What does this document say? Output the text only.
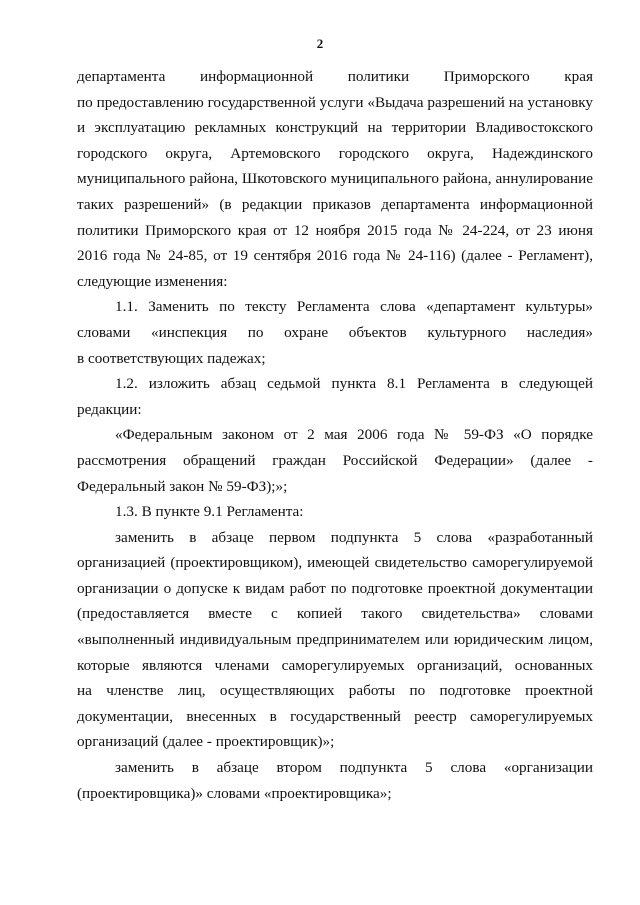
2
департамента информационной политики Приморского края
по предоставлению государственной услуги «Выдача разрешений на установку
и эксплуатацию рекламных конструкций на территории Владивостокского
городского округа, Артемовского городского округа, Надеждинского
муниципального района, Шкотовского муниципального района, аннулирование
таких разрешений» (в редакции приказов департамента информационной
политики Приморского края от 12 ноября 2015 года № 24-224, от 23 июня
2016 года № 24-85, от 19 сентября 2016 года № 24-116) (далее - Регламент),
следующие изменения:
1.1. Заменить по тексту Регламента слова «департамент культуры»
словами «инспекция по охране объектов культурного наследия»
в соответствующих падежах;
1.2. изложить абзац седьмой пункта 8.1 Регламента в следующей
редакции:
«Федеральным законом от 2 мая 2006 года № 59-ФЗ «О порядке
рассмотрения обращений граждан Российской Федерации» (далее -
Федеральный закон № 59-ФЗ);»;
1.3. В пункте 9.1 Регламента:
заменить в абзаце первом подпункта 5 слова «разработанный
организацией (проектировщиком), имеющей свидетельство саморегулируемой
организации о допуске к видам работ по подготовке проектной документации
(предоставляется вместе с копией такого свидетельства» словами
«выполненный индивидуальным предпринимателем или юридическим лицом,
которые являются членами саморегулируемых организаций, основанных
на членстве лиц, осуществляющих работы по подготовке проектной
документации, внесенных в государственный реестр саморегулируемых
организаций (далее - проектировщик)»;
заменить в абзаце втором подпункта 5 слова «организации
(проектировщика)» словами «проектировщика»;
